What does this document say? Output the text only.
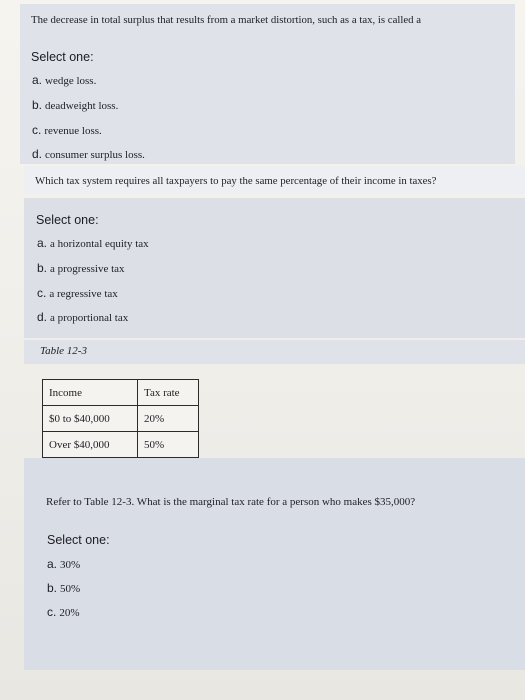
The decrease in total surplus that results from a market distortion, such as a tax, is called a
Select one:
a. wedge loss.
b. deadweight loss.
c. revenue loss.
d. consumer surplus loss.
Which tax system requires all taxpayers to pay the same percentage of their income in taxes?
Select one:
a. a horizontal equity tax
b. a progressive tax
c. a regressive tax
d. a proportional tax
Table 12-3
Income	Tax rate
$0 to $40,000	20%
Over $40,000	50%
Refer to Table 12-3. What is the marginal tax rate for a person who makes $35,000?
Select one:
a. 30%
b. 50%
c. 20%
